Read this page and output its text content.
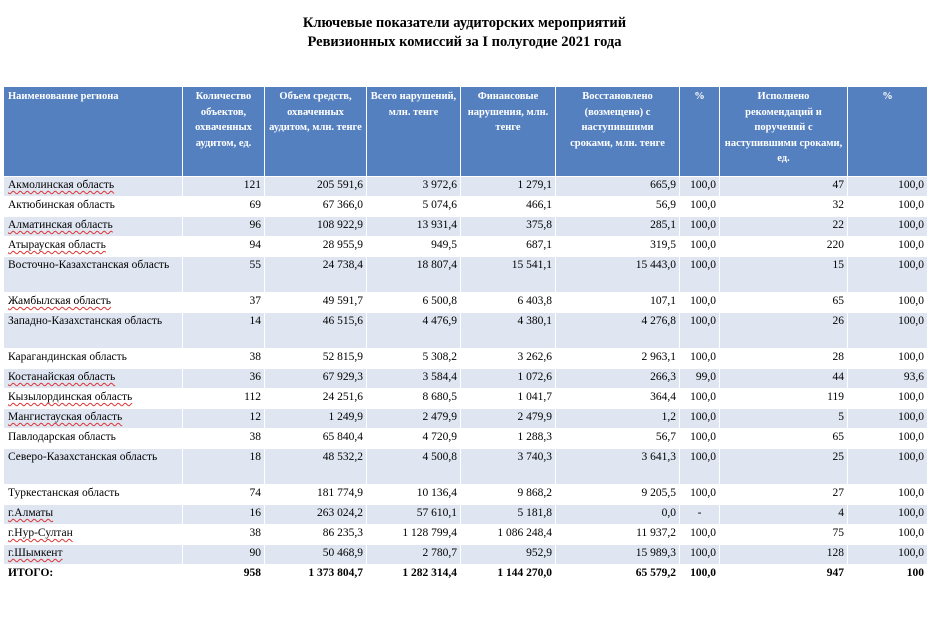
Ключевые показатели аудиторских мероприятий
Ревизионных комиссий за I полугодие 2021 года
Наименование региона	Количество объектов, охваченных аудитом, ед.	Объем средств, охваченных аудитом, млн. тенге	Всего нарушений, млн. тенге	Финансовые нарушения, млн. тенге	Восстановлено (возмещено) с наступившими сроками, млн. тенге	%	Исполнено рекомендаций и поручений с наступившими сроками, ед.	%
Акмолинская область	121	205 591,6	3 972,6	1 279,1	665,9	100,0	47	100,0
Актюбинская область	69	67 366,0	5 074,6	466,1	56,9	100,0	32	100,0
Алматинская область	96	108 922,9	13 931,4	375,8	285,1	100,0	22	100,0
Атырауская область	94	28 955,9	949,5	687,1	319,5	100,0	220	100,0
Восточно-Казахстанская область	55	24 738,4	18 807,4	15 541,1	15 443,0	100,0	15	100,0
Жамбылская область	37	49 591,7	6 500,8	6 403,8	107,1	100,0	65	100,0
Западно-Казахстанская область	14	46 515,6	4 476,9	4 380,1	4 276,8	100,0	26	100,0
Карагандинская область	38	52 815,9	5 308,2	3 262,6	2 963,1	100,0	28	100,0
Костанайская область	36	67 929,3	3 584,4	1 072,6	266,3	99,0	44	93,6
Кызылординская область	112	24 251,6	8 680,5	1 041,7	364,4	100,0	119	100,0
Мангистауская область	12	1 249,9	2 479,9	2 479,9	1,2	100,0	5	100,0
Павлодарская область	38	65 840,4	4 720,9	1 288,3	56,7	100,0	65	100,0
Северо-Казахстанская область	18	48 532,2	4 500,8	3 740,3	3 641,3	100,0	25	100,0
Туркестанская область	74	181 774,9	10 136,4	9 868,2	9 205,5	100,0	27	100,0
г.Алматы	16	263 024,2	57 610,1	5 181,8	0,0	-	4	100,0
г.Нур-Султан	38	86 235,3	1 128 799,4	1 086 248,4	11 937,2	100,0	75	100,0
г.Шымкент	90	50 468,9	2 780,7	952,9	15 989,3	100,0	128	100,0
ИТОГО:	958	1 373 804,7	1 282 314,4	1 144 270,0	65 579,2	100,0	947	100
